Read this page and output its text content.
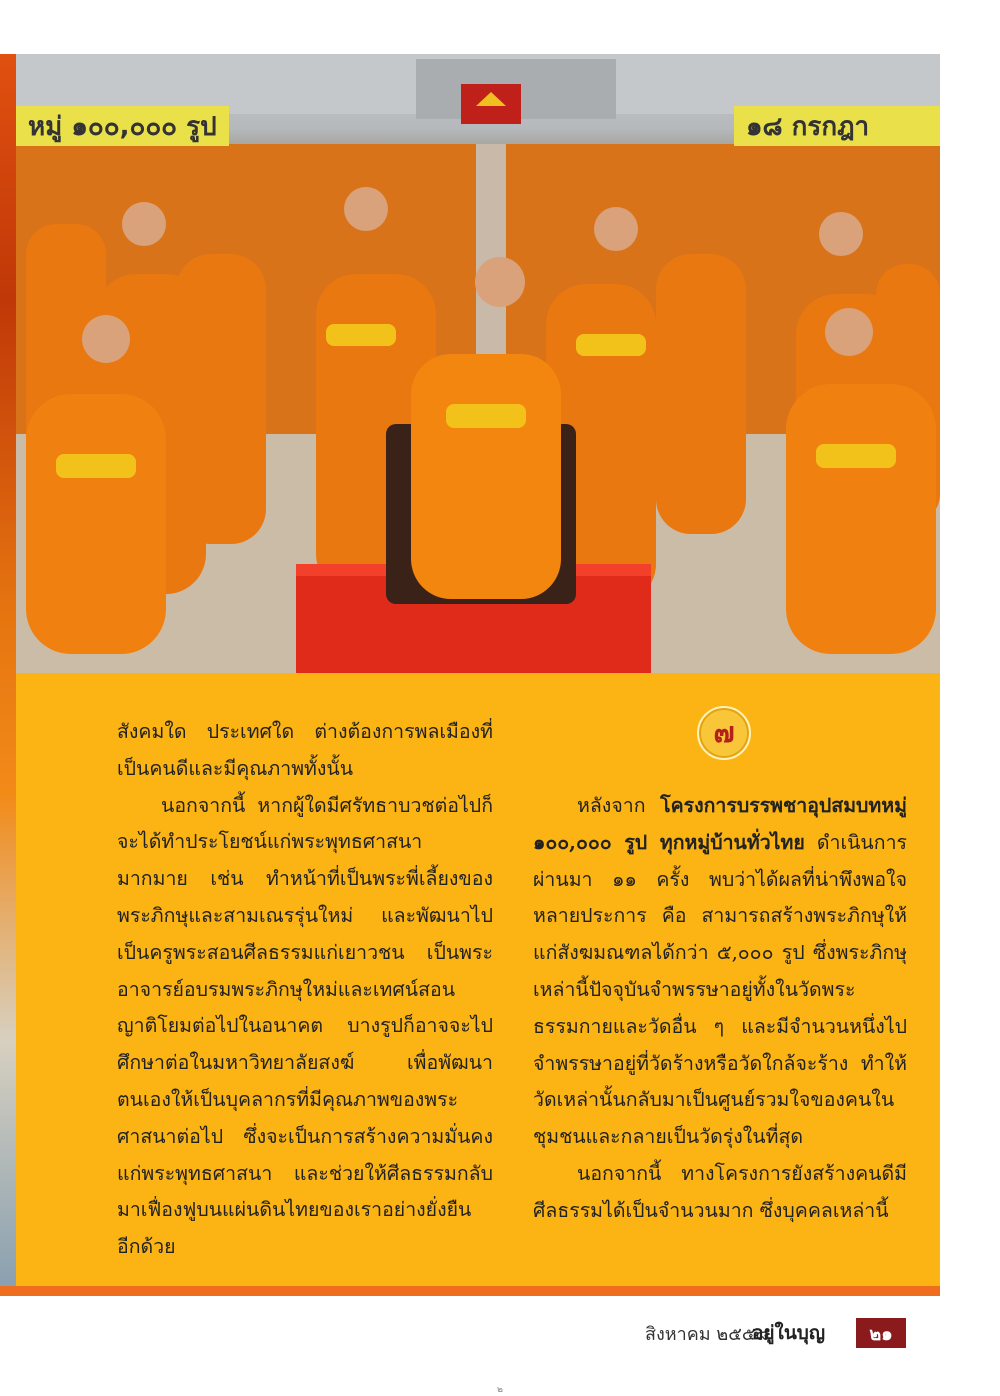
หมู่ ๑๐๐,๐๐๐ รูป	๑๘ กรกฎา
๗

สังคมใด ประเทศใด ต่างต้องการพลเมืองที่เป็นคนดีและมีคุณภาพทั้งนั้น

นอกจากนี้ หากผู้ใดมีศรัทธาบวชต่อไปก็จะได้ทำประโยชน์แก่พระพุทธศาสนามากมาย เช่น ทำหน้าที่เป็นพระพี่เลี้ยงของพระภิกษุและสามเณรรุ่นใหม่ และพัฒนาไปเป็นครูพระสอนศีลธรรมแก่เยาวชน เป็นพระอาจารย์อบรมพระภิกษุใหม่และเทศน์สอนญาติโยมต่อไปในอนาคต บางรูปก็อาจจะไปศึกษาต่อในมหาวิทยาลัยสงฆ์ เพื่อพัฒนาตนเองให้เป็นบุคลากรที่มีคุณภาพของพระศาสนาต่อไป ซึ่งจะเป็นการสร้างความมั่นคงแก่พระพุทธศาสนา และช่วยให้ศีลธรรมกลับมาเฟื่องฟูบนแผ่นดินไทยของเราอย่างยั่งยืนอีกด้วย

หลังจาก โครงการบรรพชาอุปสมบทหมู่ ๑๐๐,๐๐๐ รูป ทุกหมู่บ้านทั่วไทย ดำเนินการผ่านมา ๑๑ ครั้ง พบว่าได้ผลที่น่าพึงพอใจหลายประการ คือ สามารถสร้างพระภิกษุให้แก่สังฆมณฑลได้กว่า ๕,๐๐๐ รูป ซึ่งพระภิกษุเหล่านี้ปัจจุบันจำพรรษาอยู่ทั้งในวัดพระธรรมกายและวัดอื่น ๆ และมีจำนวนหนึ่งไปจำพรรษาอยู่ที่วัดร้างหรือวัดใกล้จะร้าง ทำให้วัดเหล่านั้นกลับมาเป็นศูนย์รวมใจของคนในชุมชนและกลายเป็นวัดรุ่งในที่สุด

นอกจากนี้ ทางโครงการยังสร้างคนดีมีศีลธรรมได้เป็นจำนวนมาก ซึ่งบุคคลเหล่านี้

สิงหาคม ๒๕๕๘
อยู่ในบุญ	๒๑
๒
